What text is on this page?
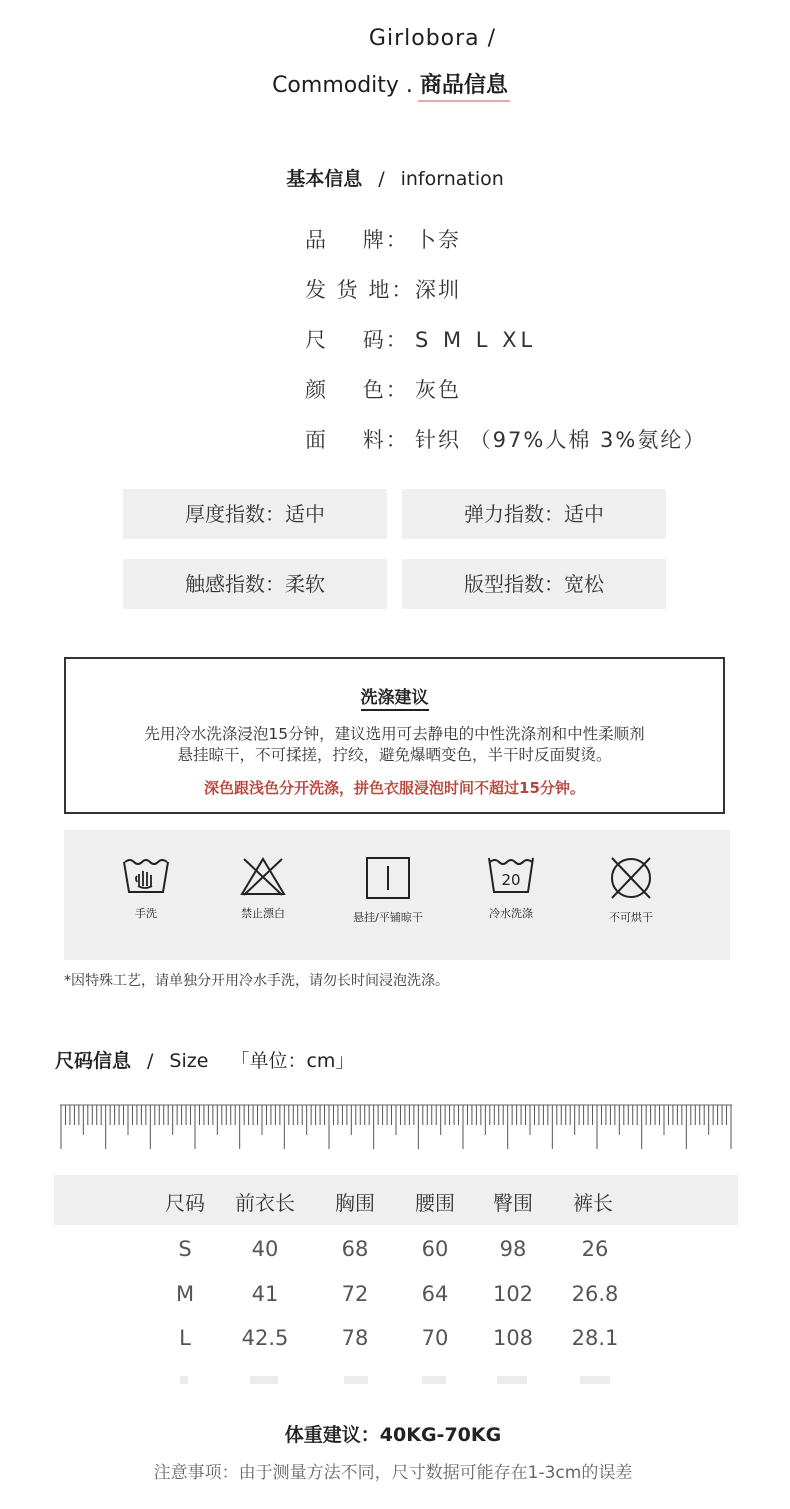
Girlobora /
Commodity . 商品信息
基本信息 / infornation
品    牌： 卜奈
发 货 地：深圳
尺    码： S M L XL
颜    色： 灰色
面    料： 针织 （97%人棉 3%氨纶）
厚度指数：适中	弹力指数：适中
触感指数：柔软	版型指数：宽松
洗涤建议
先用冷水洗涤浸泡15分钟，建议选用可去静电的中性洗涤剂和中性柔顺剂
悬挂晾干，不可揉搓，拧绞，避免爆晒变色，半干时反面熨烫。
深色跟浅色分开洗涤，拼色衣服浸泡时间不超过15分钟。
手洗	禁止漂白	悬挂/平铺晾干
20
冷水洗涤	不可烘干
*因特殊工艺，请单独分开用冷水手洗，请勿长时间浸泡洗涤。
尺码信息 / Size 「单位：cm」
尺码	前衣长	胸围	腰围	臀围	裤长
S	40	68	60	98	26
M	41	72	64	102	26.8
L	42.5	78	70	108	28.1
体重建议：40KG-70KG
注意事项：由于测量方法不同，尺寸数据可能存在1-3cm的误差
